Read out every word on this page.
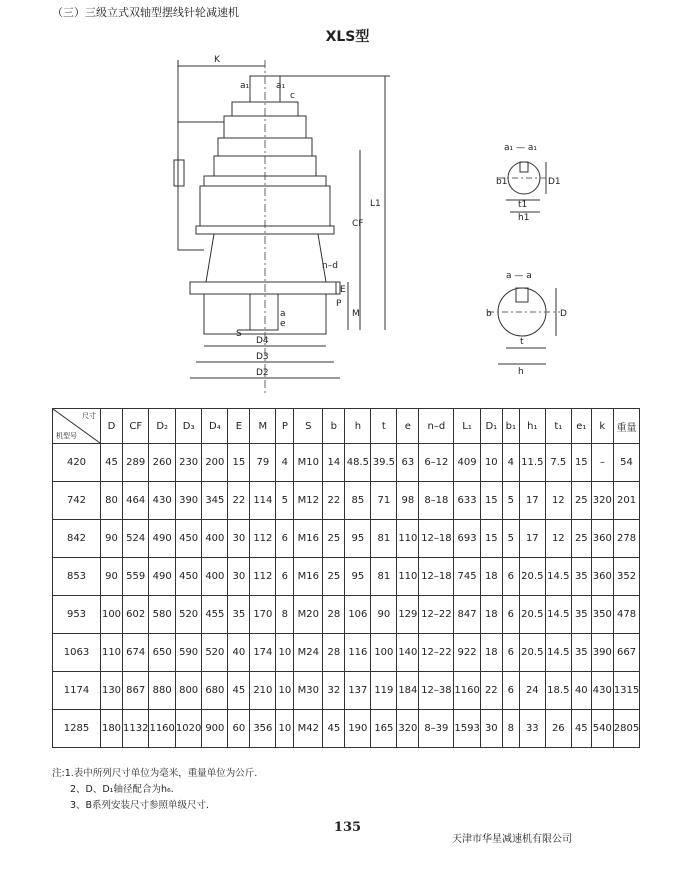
（三）三级立式双轴型摆线针轮减速机
XLS型
K
a₁	a₁
c
L1
CF
n–d
E
P
M
a
e
S
D4
D3
D2
a₁ — a₁
b1
t1
h1
D1
a — a
b
t
h
D
尺寸
机型号	D	CF	D₂	D₃	D₄	E	M	P	S	b	h	t	e	n–d	L₁	D₁	b₁	h₁	t₁	e₁	k	重量
420	45	289	260	230	200	15	79	4	M10	14	48.5	39.5	63	6–12	409	10	4	11.5	7.5	15	–	54
742	80	464	430	390	345	22	114	5	M12	22	85	71	98	8–18	633	15	5	17	12	25	320	201
842	90	524	490	450	400	30	112	6	M16	25	95	81	110	12–18	693	15	5	17	12	25	360	278
853	90	559	490	450	400	30	112	6	M16	25	95	81	110	12–18	745	18	6	20.5	14.5	35	360	352
953	100	602	580	520	455	35	170	8	M20	28	106	90	129	12–22	847	18	6	20.5	14.5	35	350	478
1063	110	674	650	590	520	40	174	10	M24	28	116	100	140	12–22	922	18	6	20.5	14.5	35	390	667
1174	130	867	880	800	680	45	210	10	M30	32	137	119	184	12–38	1160	22	6	24	18.5	40	430	1315
1285	180	1132	1160	1020	900	60	356	10	M42	45	190	165	320	8–39	1593	30	8	33	26	45	540	2805
注:1.表中所列尺寸单位为毫米，重量单位为公斤.
2、D、D₁轴径配合为h₆.
3、B系列安装尺寸参照单级尺寸.
135
天津市华星减速机有限公司
